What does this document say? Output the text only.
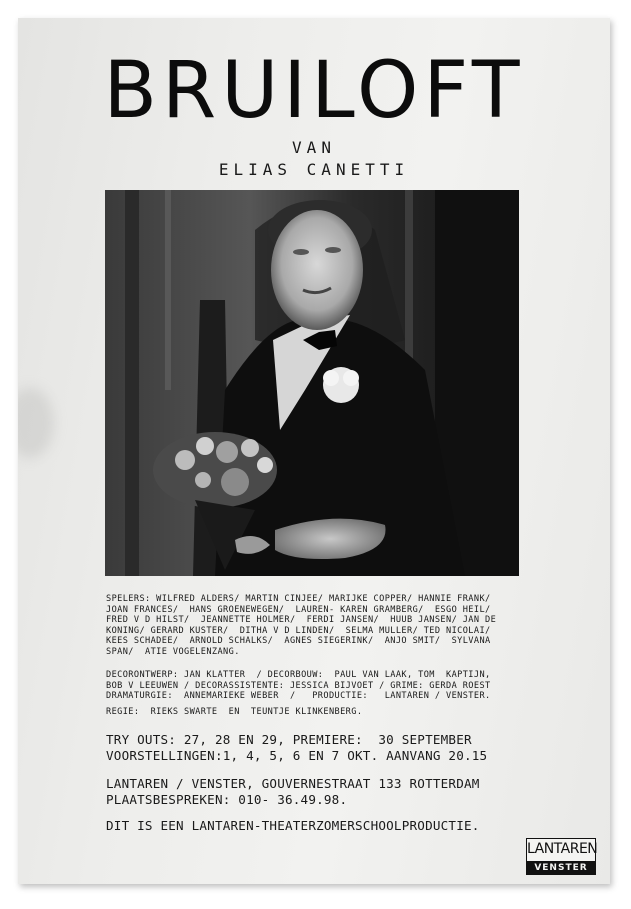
BRUILOFT
VAN
ELIAS CANETTI
SPELERS: WILFRED ALDERS/ MARTIN CINJEE/ MARIJKE COPPER/ HANNIE FRANK/
JOAN FRANCES/  HANS GROENEWEGEN/  LAUREN- KAREN GRAMBERG/  ESGO HEIL/
FRED V D HILST/  JEANNETTE HOLMER/  FERDI JANSEN/  HUUB JANSEN/ JAN DE
KONING/ GERARD KUSTER/  DITHA V D LINDEN/  SELMA MULLER/ TED NICOLAI/
KEES SCHADEE/  ARNOLD SCHALKS/  AGNES SIEGERINK/  ANJO SMIT/  SYLVANA
SPAN/  ATIE VOGELENZANG.
DECORONTWERP: JAN KLATTER  / DECORBOUW:  PAUL VAN LAAK, TOM  KAPTIJN,
BOB V LEEUWEN / DECORASSISTENTE: JESSICA BIJVOET / GRIME: GERDA ROEST
DRAMATURGIE:  ANNEMARIEKE WEBER  /   PRODUCTIE:   LANTAREN / VENSTER.
REGIE:  RIEKS SWARTE  EN  TEUNTJE KLINKENBERG.
TRY OUTS: 27, 28 EN 29, PREMIERE:  30 SEPTEMBER
VOORSTELLINGEN:1, 4, 5, 6 EN 7 OKT. AANVANG 20.15
LANTAREN / VENSTER, GOUVERNESTRAAT 133 ROTTERDAM
PLAATSBESPREKEN: 010- 36.49.98.
DIT IS EEN LANTAREN-THEATERZOMERSCHOOLPRODUCTIE.
LANTAREN
VENSTER
